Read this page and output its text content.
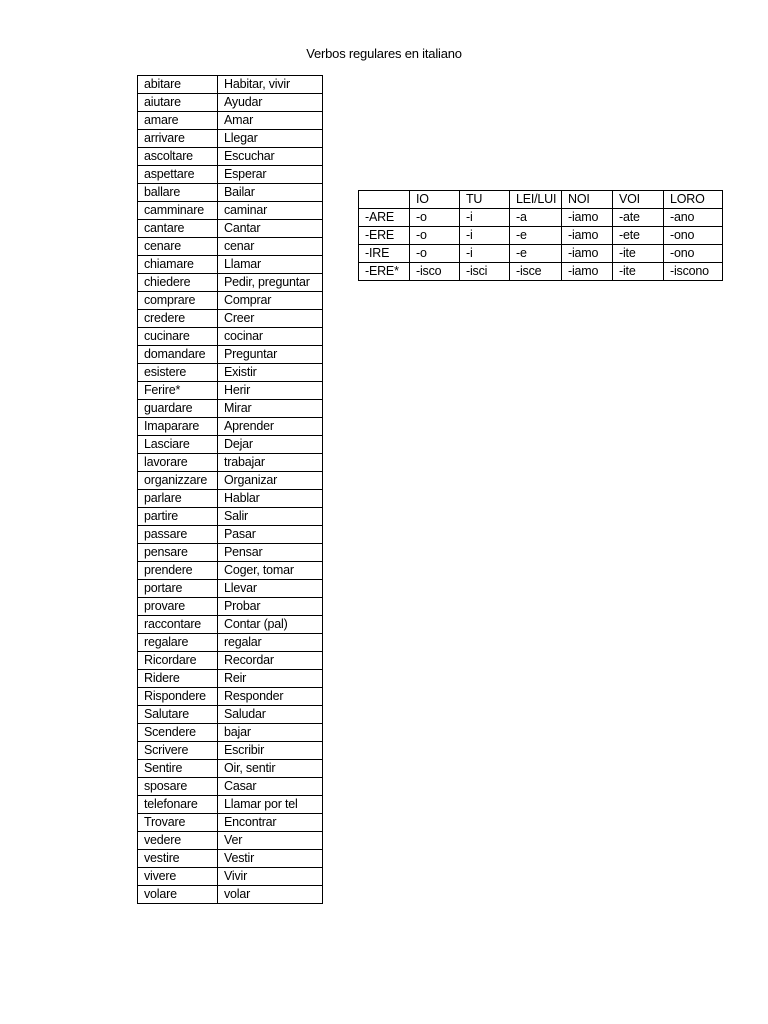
Verbos regulares en italiano
abitare	Habitar, vivir
aiutare	Ayudar
amare	Amar
arrivare	Llegar
ascoltare	Escuchar
aspettare	Esperar
ballare	Bailar
camminare	caminar
cantare	Cantar
cenare	cenar
chiamare	Llamar
chiedere	Pedir, preguntar
comprare	Comprar
credere	Creer
cucinare	cocinar
domandare	Preguntar
esistere	Existir
Ferire*	Herir
guardare	Mirar
Imaparare	Aprender
Lasciare	Dejar
lavorare	trabajar
organizzare	Organizar
parlare	Hablar
partire	Salir
passare	Pasar
pensare	Pensar
prendere	Coger, tomar
portare	Llevar
provare	Probar
raccontare	Contar (pal)
regalare	regalar
Ricordare	Recordar
Ridere	Reir
Rispondere	Responder
Salutare	Saludar
Scendere	bajar
Scrivere	Escribir
Sentire	Oir, sentir
sposare	Casar
telefonare	Llamar por tel
Trovare	Encontrar
vedere	Ver
vestire	Vestir
vivere	Vivir
volare	volar
	IO	TU	LEI/LUI	NOI	VOI	LORO
-ARE	-o	-i	-a	-iamo	-ate	-ano
-ERE	-o	-i	-e	-iamo	-ete	-ono
-IRE	-o	-i	-e	-iamo	-ite	-ono
-ERE*	-isco	-isci	-isce	-iamo	-ite	-iscono
